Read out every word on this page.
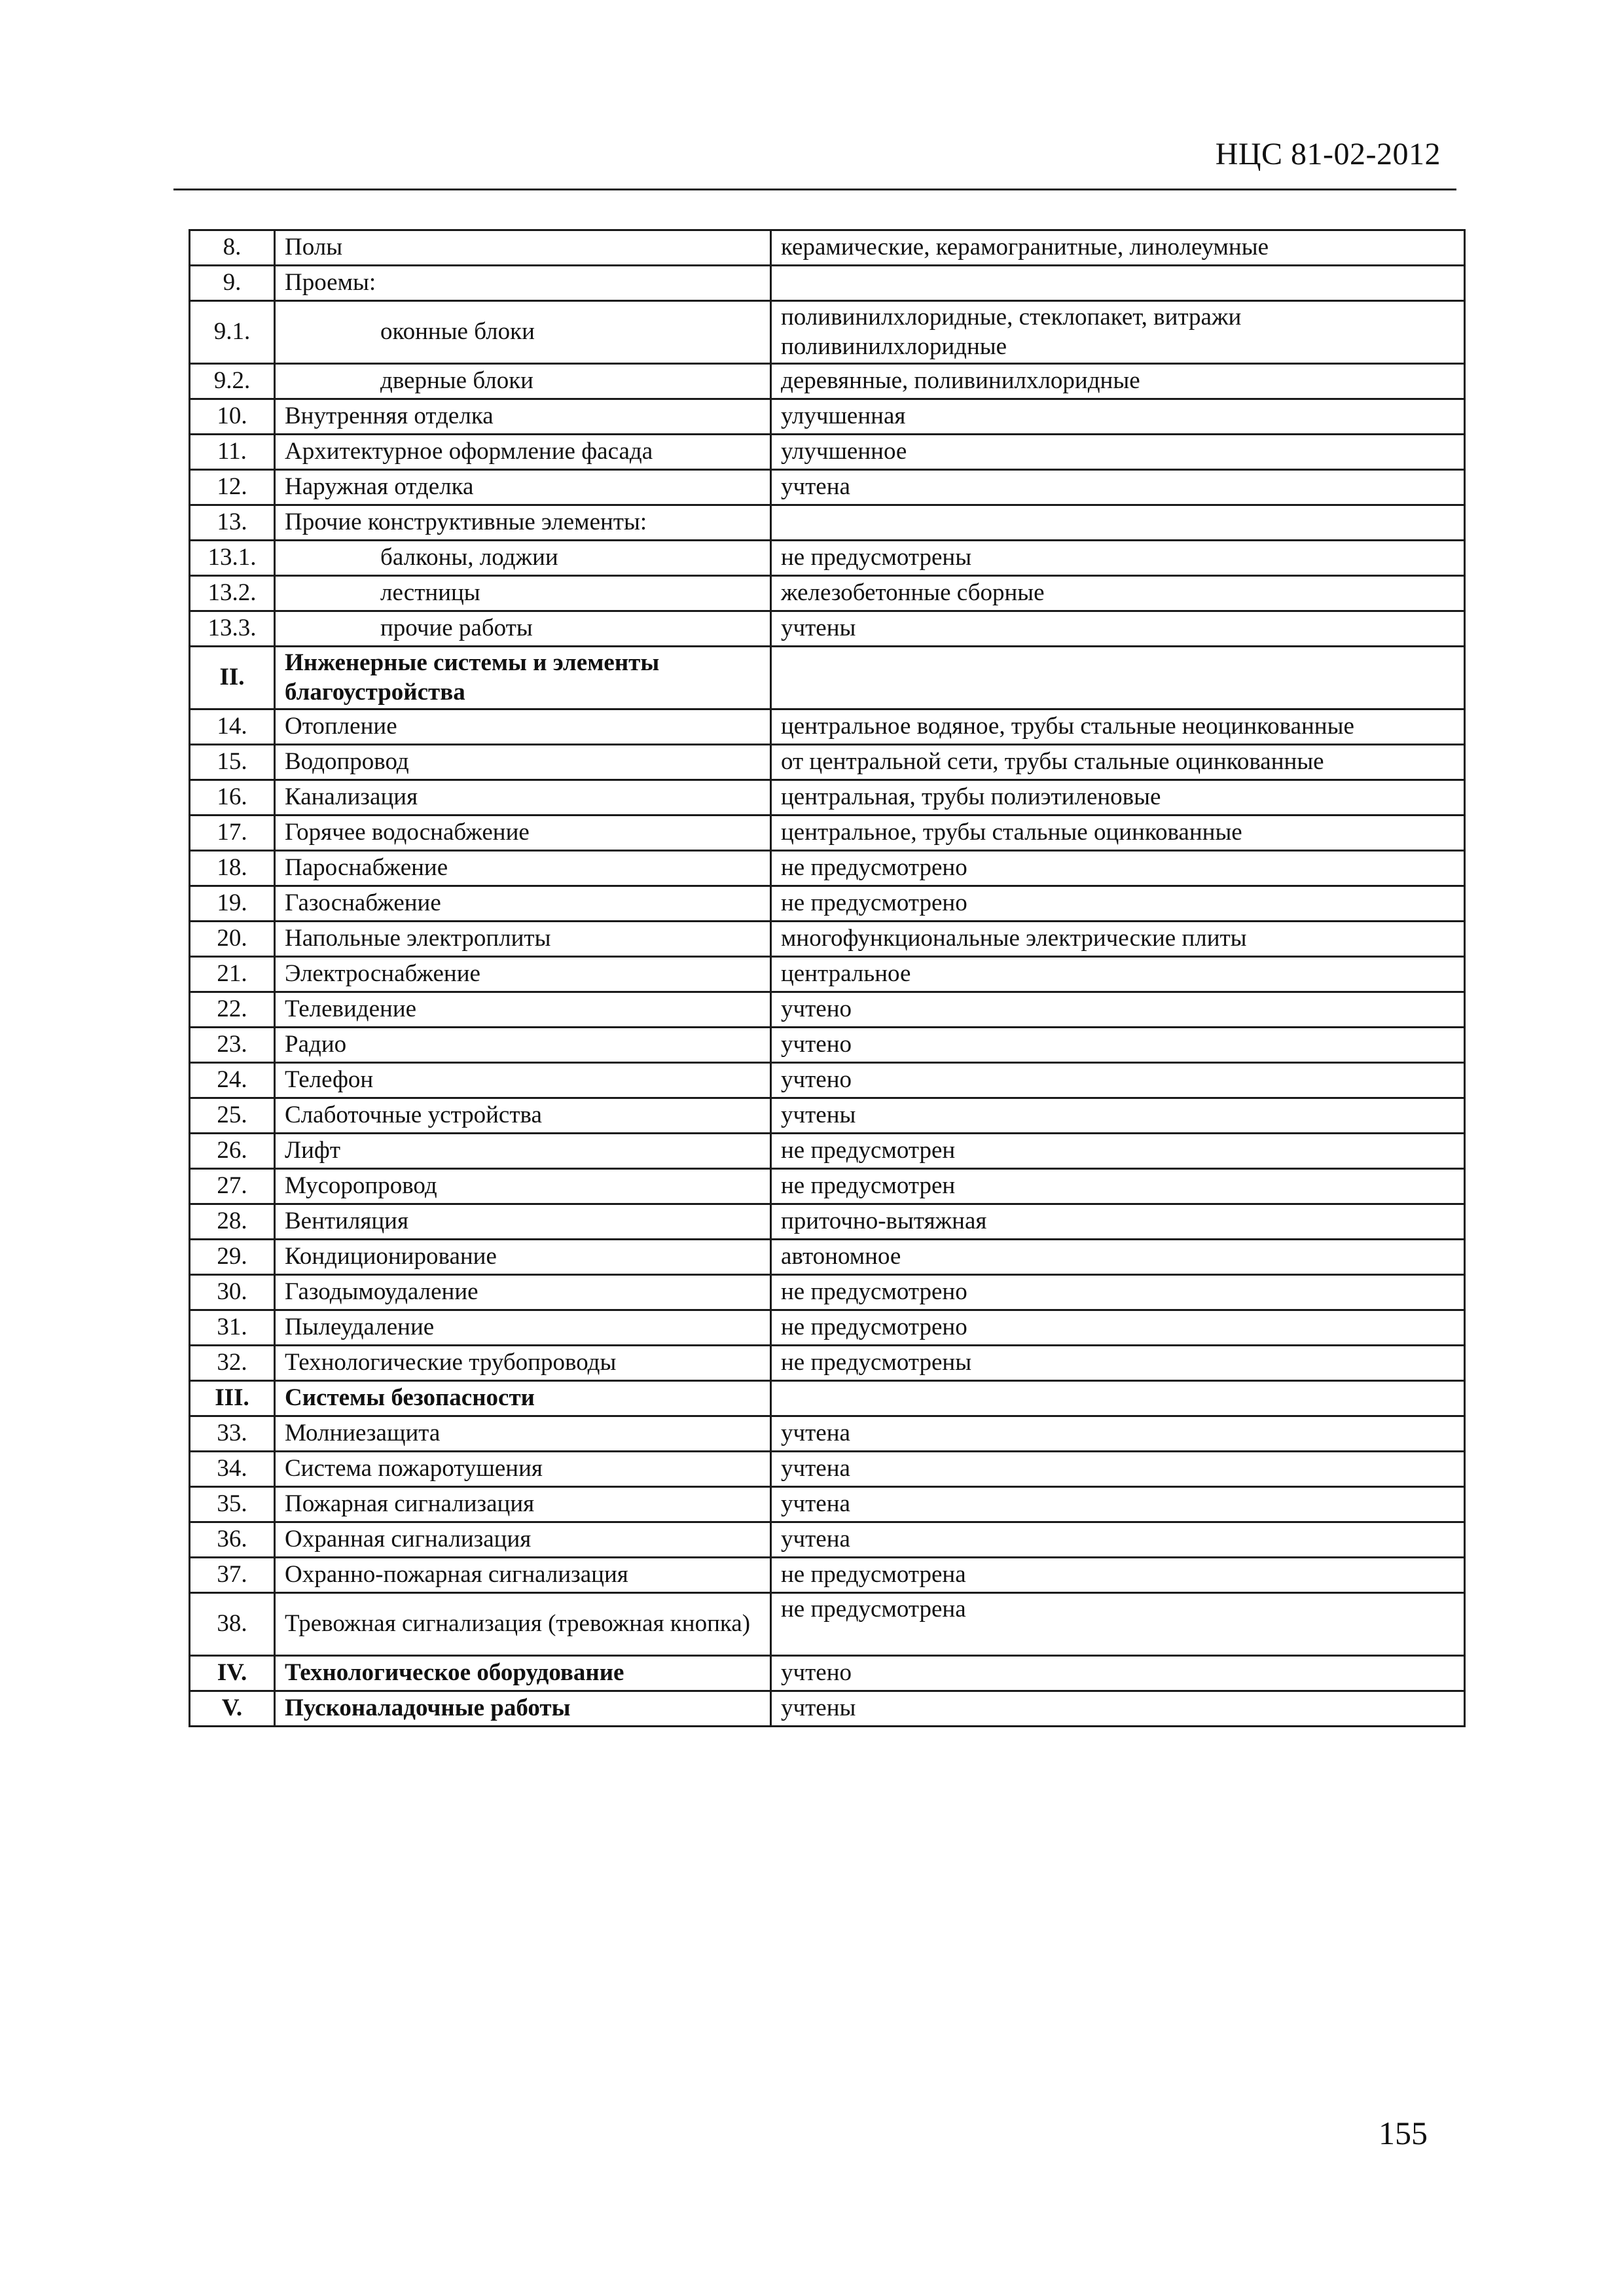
НЦС 81-02-2012
8.	Полы	керамические, керамогранитные, линолеумные
9.	Проемы:	
9.1.	оконные блоки	поливинилхлоридные, стеклопакет, витражи поливинилхлоридные
9.2.	дверные блоки	деревянные, поливинилхлоридные
10.	Внутренняя отделка	улучшенная
11.	Архитектурное оформление фасада	улучшенное
12.	Наружная отделка	учтена
13.	Прочие конструктивные элементы:	
13.1.	балконы, лоджии	не предусмотрены
13.2.	лестницы	железобетонные сборные
13.3.	прочие работы	учтены
II.	Инженерные системы и элементы благоустройства	
14.	Отопление	центральное водяное, трубы стальные неоцинкованные
15.	Водопровод	от центральной сети, трубы стальные оцинкованные
16.	Канализация	центральная, трубы полиэтиленовые
17.	Горячее водоснабжение	центральное, трубы стальные оцинкованные
18.	Пароснабжение	не предусмотрено
19.	Газоснабжение	не предусмотрено
20.	Напольные электроплиты	многофункциональные электрические плиты
21.	Электроснабжение	центральное
22.	Телевидение	учтено
23.	Радио	учтено
24.	Телефон	учтено
25.	Слаботочные устройства	учтены
26.	Лифт	не предусмотрен
27.	Мусоропровод	не предусмотрен
28.	Вентиляция	приточно-вытяжная
29.	Кондиционирование	автономное
30.	Газодымоудаление	не предусмотрено
31.	Пылеудаление	не предусмотрено
32.	Технологические трубопроводы	не предусмотрены
III.	Системы безопасности	
33.	Молниезащита	учтена
34.	Система пожаротушения	учтена
35.	Пожарная сигнализация	учтена
36.	Охранная сигнализация	учтена
37.	Охранно-пожарная сигнализация	не предусмотрена
38.	Тревожная сигнализация (тревожная кнопка)	не предусмотрена
IV.	Технологическое оборудование	учтено
V.	Пусконаладочные работы	учтены
155
